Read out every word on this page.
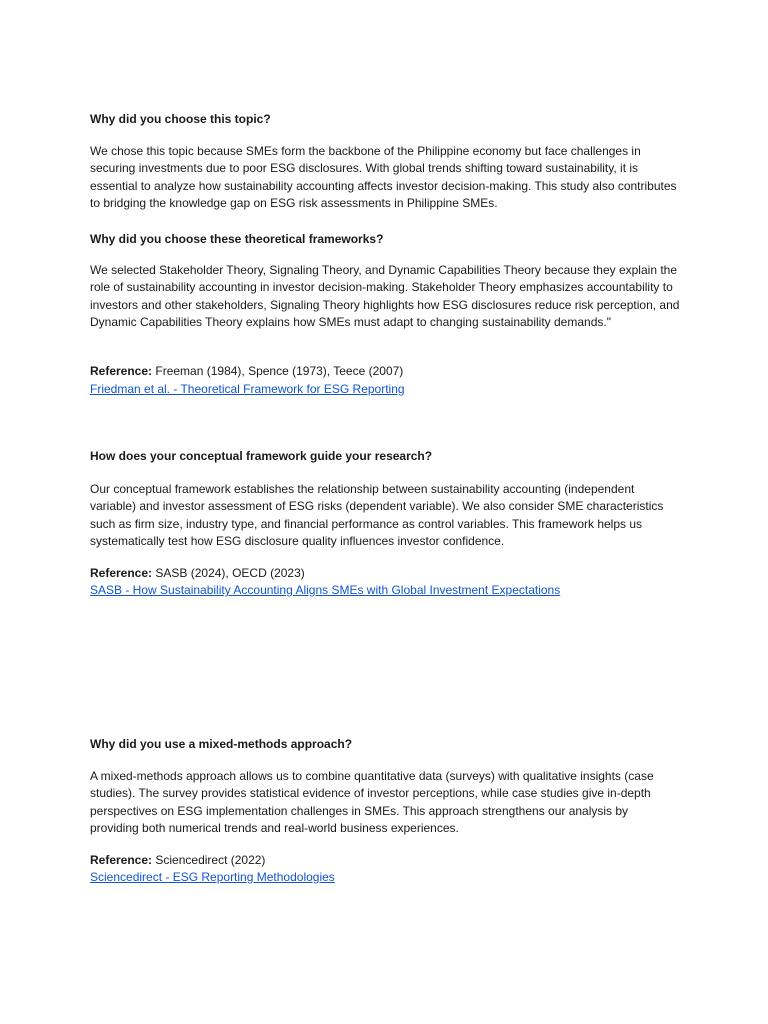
Why did you choose this topic?

We chose this topic because SMEs form the backbone of the Philippine economy but face challenges in securing investments due to poor ESG disclosures. With global trends shifting toward sustainability, it is essential to analyze how sustainability accounting affects investor decision-making. This study also contributes to bridging the knowledge gap on ESG risk assessments in Philippine SMEs.

Why did you choose these theoretical frameworks?

We selected Stakeholder Theory, Signaling Theory, and Dynamic Capabilities Theory because they explain the role of sustainability accounting in investor decision-making. Stakeholder Theory emphasizes accountability to investors and other stakeholders, Signaling Theory highlights how ESG disclosures reduce risk perception, and Dynamic Capabilities Theory explains how SMEs must adapt to changing sustainability demands."

Reference: Freeman (1984), Spence (1973), Teece (2007)
Friedman et al. - Theoretical Framework for ESG Reporting
How does your conceptual framework guide your research?

Our conceptual framework establishes the relationship between sustainability accounting (independent variable) and investor assessment of ESG risks (dependent variable). We also consider SME characteristics such as firm size, industry type, and financial performance as control variables. This framework helps us systematically test how ESG disclosure quality influences investor confidence.

Reference: SASB (2024), OECD (2023)
SASB - How Sustainability Accounting Aligns SMEs with Global Investment Expectations
Why did you use a mixed-methods approach?

A mixed-methods approach allows us to combine quantitative data (surveys) with qualitative insights (case studies). The survey provides statistical evidence of investor perceptions, while case studies give in-depth perspectives on ESG implementation challenges in SMEs. This approach strengthens our analysis by providing both numerical trends and real-world business experiences.

Reference: Sciencedirect (2022)
Sciencedirect - ESG Reporting Methodologies
